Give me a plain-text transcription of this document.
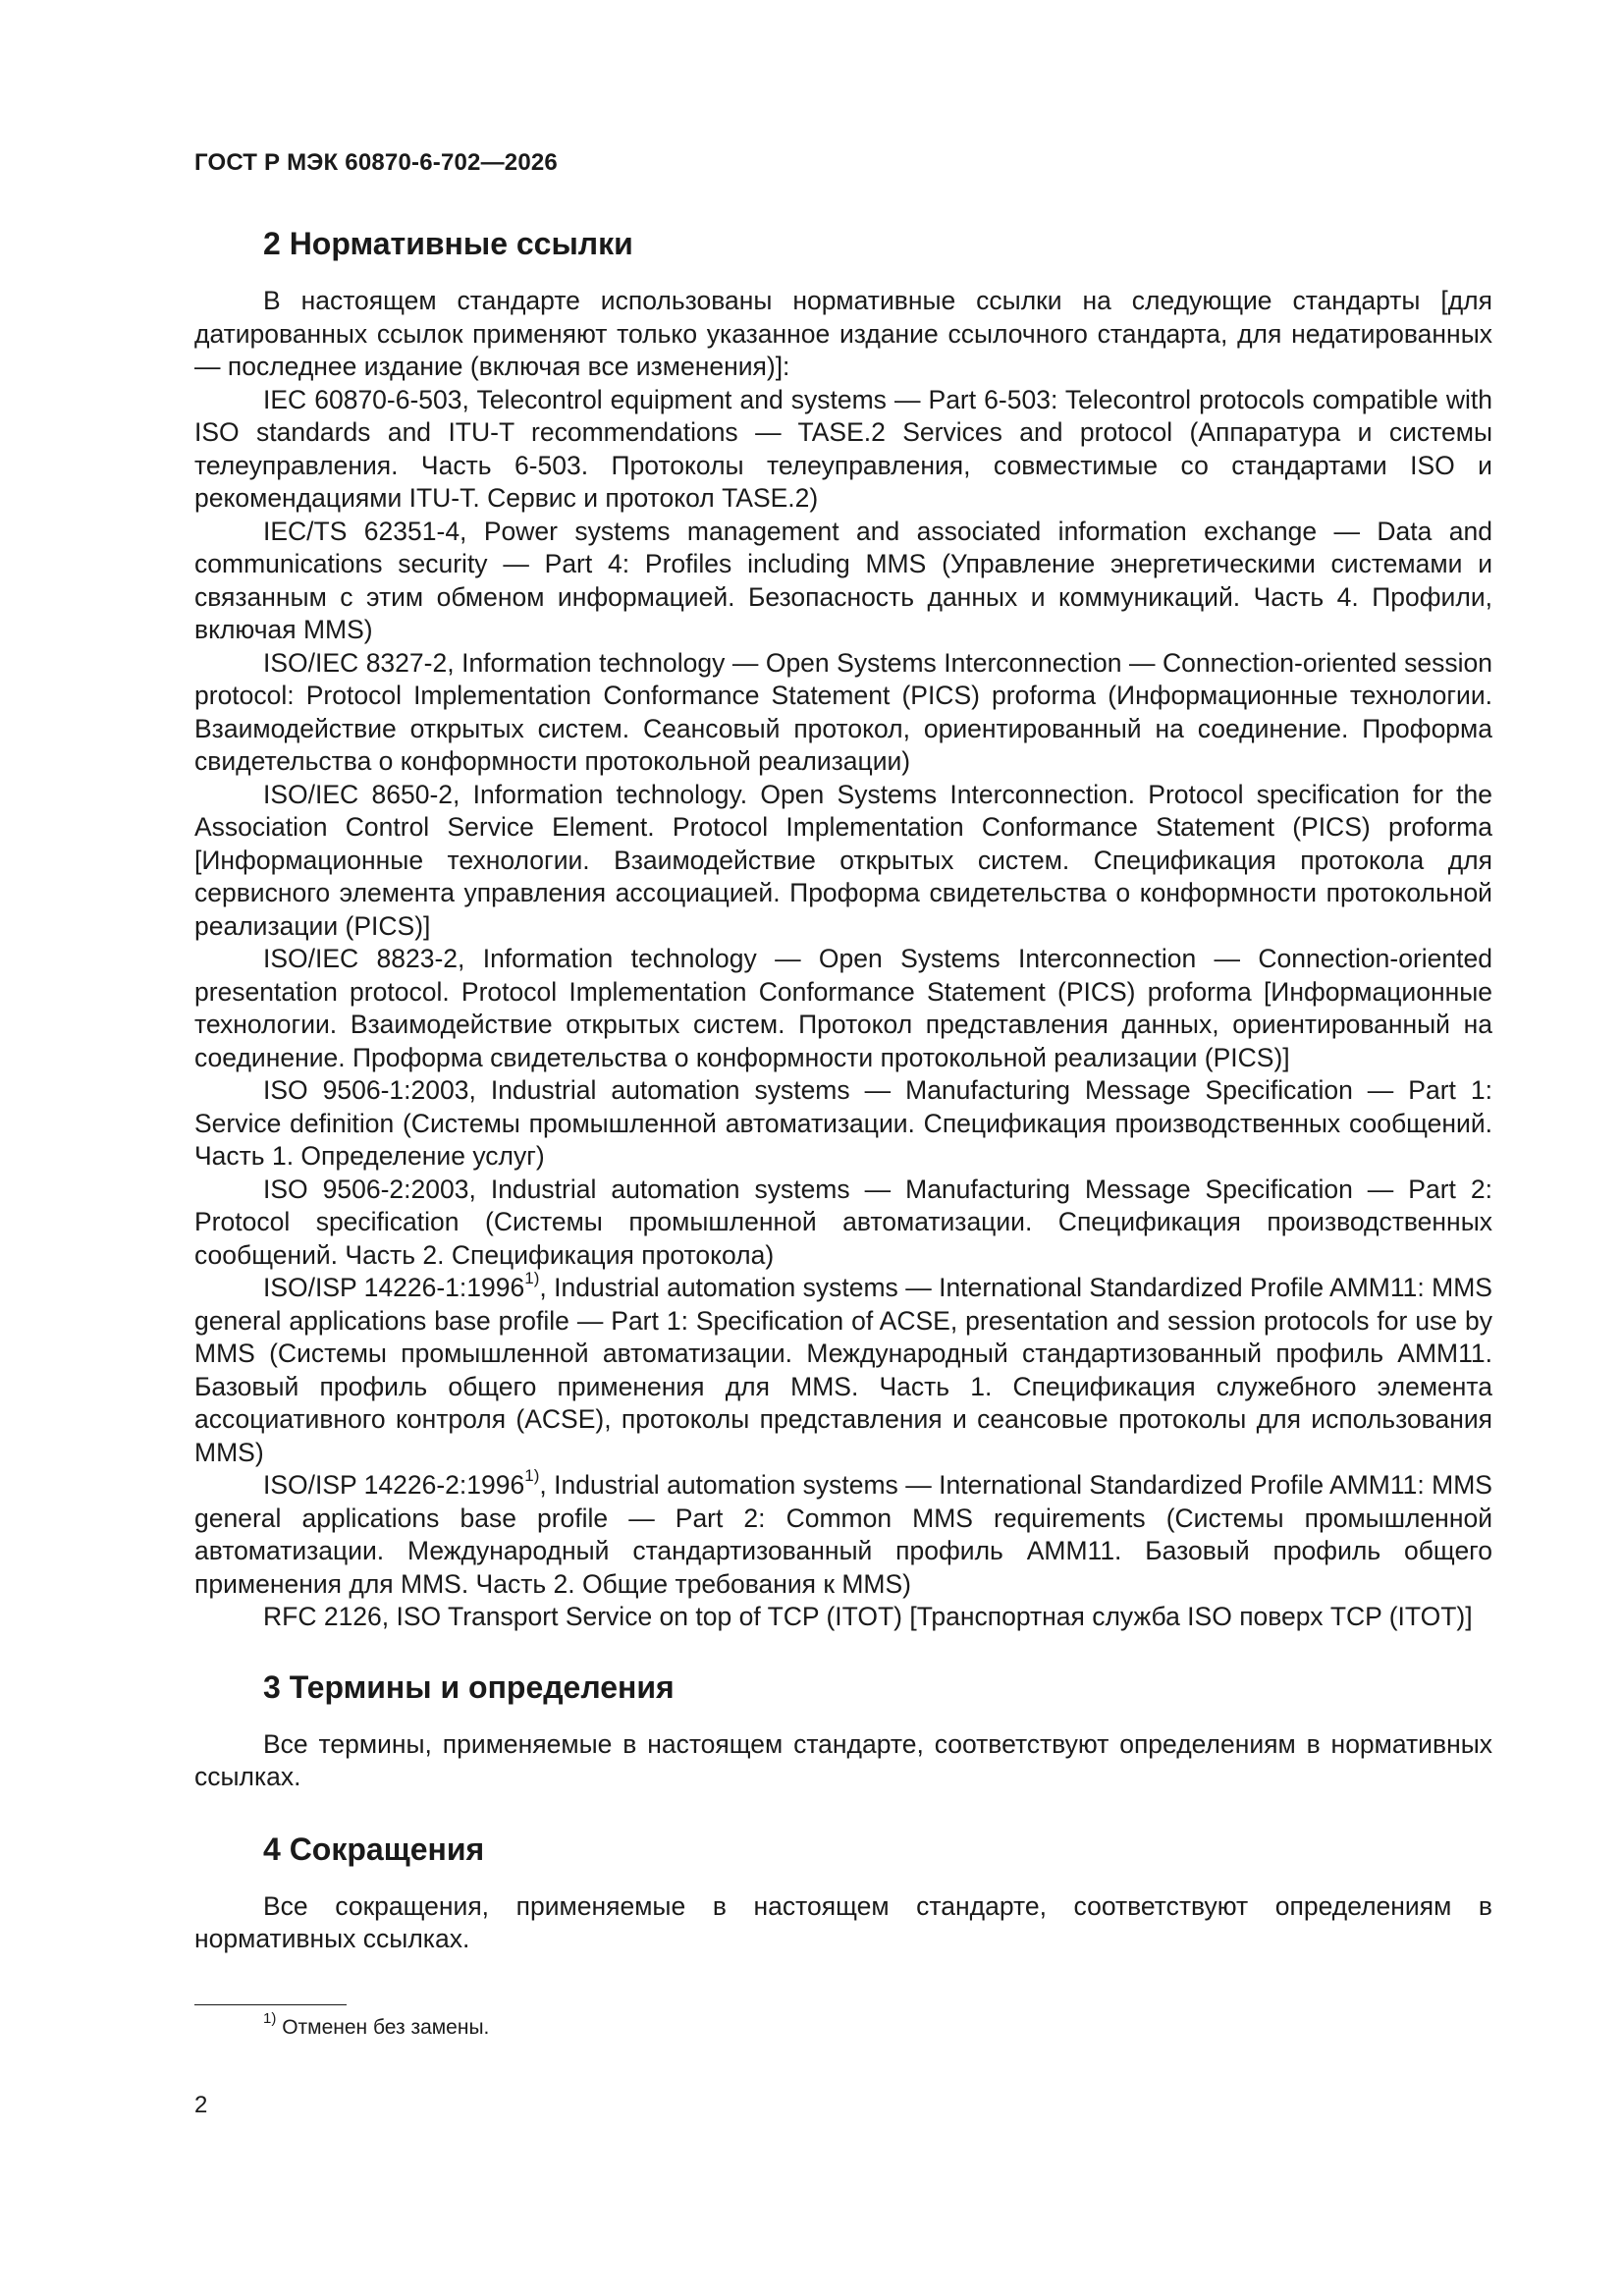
ГОСТ Р МЭК 60870-6-702—2026
2 Нормативные ссылки

В настоящем стандарте использованы нормативные ссылки на следующие стандарты [для датированных ссылок применяют только указанное издание ссылочного стандарта, для недатированных — последнее издание (включая все изменения)]:

IEC 60870-6-503, Telecontrol equipment and systems — Part 6-503: Telecontrol protocols compatible with ISO standards and ITU-T recommendations — TASE.2 Services and protocol (Аппаратура и системы телеуправления. Часть 6-503. Протоколы телеуправления, совместимые со стандартами ISO и рекомендациями ITU-T. Сервис и протокол TASE.2)

IEC/TS 62351-4, Power systems management and associated information exchange — Data and communications security — Part 4: Profiles including MMS (Управление энергетическими системами и связанным с этим обменом информацией. Безопасность данных и коммуникаций. Часть 4. Профили, включая MMS)

ISO/IEC 8327-2, Information technology — Open Systems Interconnection — Connection-oriented session protocol: Protocol Implementation Conformance Statement (PICS) proforma (Информационные технологии. Взаимодействие открытых систем. Сеансовый протокол, ориентированный на соединение. Проформа свидетельства о конформности протокольной реализации)

ISO/IEC 8650-2, Information technology. Open Systems Interconnection. Protocol specification for the Association Control Service Element. Protocol Implementation Conformance Statement (PICS) proforma [Информационные технологии. Взаимодействие открытых систем. Спецификация протокола для сервисного элемента управления ассоциацией. Проформа свидетельства о конформности протокольной реализации (PICS)]

ISO/IEC 8823-2, Information technology — Open Systems Interconnection — Connection-oriented presentation protocol. Protocol Implementation Conformance Statement (PICS) proforma [Информационные технологии. Взаимодействие открытых систем. Протокол представления данных, ориентированный на соединение. Проформа свидетельства о конформности протокольной реализации (PICS)]

ISO 9506-1:2003, Industrial automation systems — Manufacturing Message Specification — Part 1: Service definition (Системы промышленной автоматизации. Спецификация производственных сообщений. Часть 1. Определение услуг)

ISO 9506-2:2003, Industrial automation systems — Manufacturing Message Specification — Part 2: Protocol specification (Системы промышленной автоматизации. Спецификация производственных сообщений. Часть 2. Спецификация протокола)

ISO/ISP 14226-1:1996$^{1)}$, Industrial automation systems — International Standardized Profile AMM11: MMS general applications base profile — Part 1: Specification of ACSE, presentation and session protocols for use by MMS (Системы промышленной автоматизации. Международный стандартизованный профиль AMM11. Базовый профиль общего применения для MMS. Часть 1. Спецификация служебного элемента ассоциативного контроля (ACSE), протоколы представления и сеансовые протоколы для использования MMS)

ISO/ISP 14226-2:1996$^{1)}$, Industrial automation systems — International Standardized Profile AMM11: MMS general applications base profile — Part 2: Common MMS requirements (Системы промышленной автоматизации. Международный стандартизованный профиль AMM11. Базовый профиль общего применения для MMS. Часть 2. Общие требования к MMS)

RFC 2126, ISO Transport Service on top of TCP (ITOT) [Транспортная служба ISO поверх TCP (ITOT)]

3 Термины и определения

Все термины, применяемые в настоящем стандарте, соответствуют определениям в нормативных ссылках.

4 Сокращения

Все сокращения, применяемые в настоящем стандарте, соответствуют определениям в нормативных ссылках.

$^{1)}$ Отменен без замены.
2
